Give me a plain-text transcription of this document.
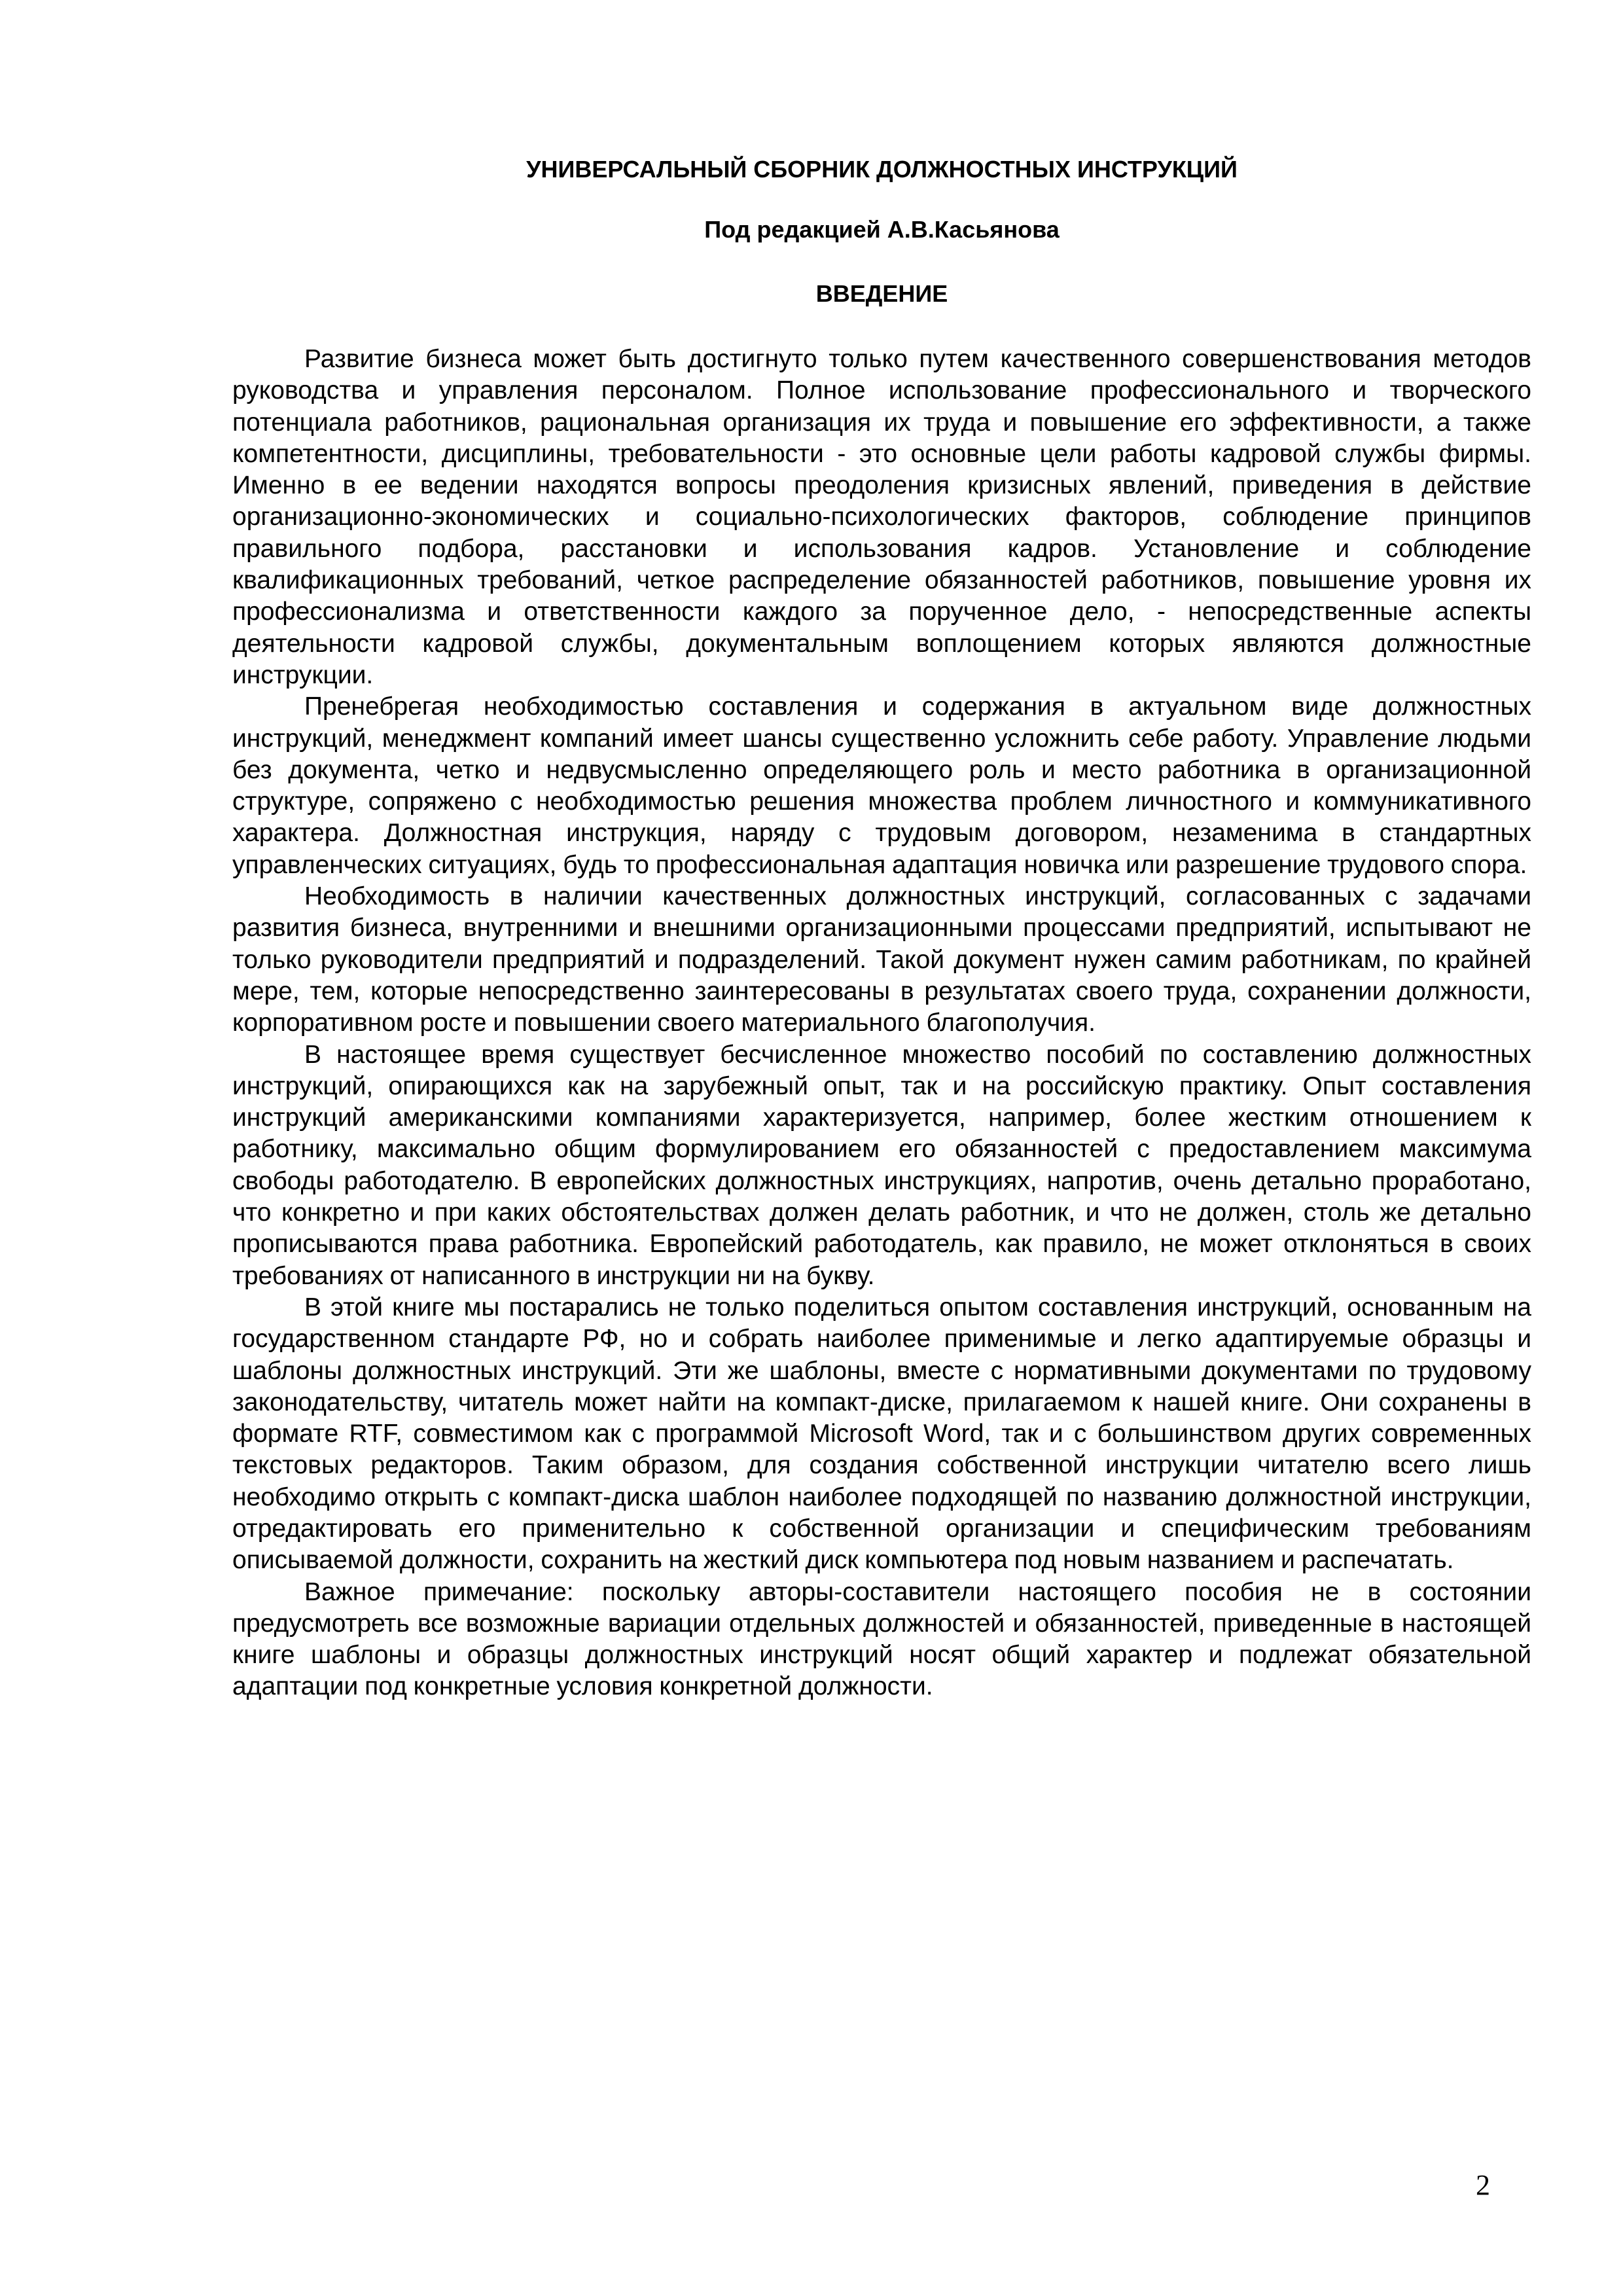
УНИВЕРСАЛЬНЫЙ СБОРНИК ДОЛЖНОСТНЫХ ИНСТРУКЦИЙ
Под редакцией А.В.Касьянова
ВВЕДЕНИЕ

Развитие бизнеса может быть достигнуто только путем качественного совершенствования методов руководства и управления персоналом. Полное использование профессионального и творческого потенциала работников, рациональная организация их труда и повышение его эффективности, а также компетентности, дисциплины, требовательности - это основные цели работы кадровой службы фирмы. Именно в ее ведении находятся вопросы преодоления кризисных явлений, приведения в действие организационно-экономических и социально-психологических факторов, соблюдение принципов правильного подбора, расстановки и использования кадров. Установление и соблюдение квалификационных требований, четкое распределение обязанностей работников, повышение уровня их профессионализма и ответственности каждого за порученное дело, - непосредственные аспекты деятельности кадровой службы, документальным воплощением которых являются должностные инструкции.

Пренебрегая необходимостью составления и содержания в актуальном виде должностных инструкций, менеджмент компаний имеет шансы существенно усложнить себе работу. Управление людьми без документа, четко и недвусмысленно определяющего роль и место работника в организационной структуре, сопряжено с необходимостью решения множества проблем личностного и коммуникативного характера. Должностная инструкция, наряду с трудовым договором, незаменима в стандартных управленческих ситуациях, будь то профессиональная адаптация новичка или разрешение трудового спора.

Необходимость в наличии качественных должностных инструкций, согласованных с задачами развития бизнеса, внутренними и внешними организационными процессами предприятий, испытывают не только руководители предприятий и подразделений. Такой документ нужен самим работникам, по крайней мере, тем, которые непосредственно заинтересованы в результатах своего труда, сохранении должности, корпоративном росте и повышении своего материального благополучия.

В настоящее время существует бесчисленное множество пособий по составлению должностных инструкций, опирающихся как на зарубежный опыт, так и на российскую практику. Опыт составления инструкций американскими компаниями характеризуется, например, более жестким отношением к работнику, максимально общим формулированием его обязанностей с предоставлением максимума свободы работодателю. В европейских должностных инструкциях, напротив, очень детально проработано, что конкретно и при каких обстоятельствах должен делать работник, и что не должен, столь же детально прописываются права работника. Европейский работодатель, как правило, не может отклоняться в своих требованиях от написанного в инструкции ни на букву.

В этой книге мы постарались не только поделиться опытом составления инструкций, основанным на государственном стандарте РФ, но и собрать наиболее применимые и легко адаптируемые образцы и шаблоны должностных инструкций. Эти же шаблоны, вместе с нормативными документами по трудовому законодательству, читатель может найти на компакт-диске, прилагаемом к нашей книге. Они сохранены в формате RTF, совместимом как с программой Microsoft Word, так и с большинством других современных текстовых редакторов. Таким образом, для создания собственной инструкции читателю всего лишь необходимо открыть с компакт-диска шаблон наиболее подходящей по названию должностной инструкции, отредактировать его применительно к собственной организации и специфическим требованиям описываемой должности, сохранить на жесткий диск компьютера под новым названием и распечатать.

Важное примечание: поскольку авторы-составители настоящего пособия не в состоянии предусмотреть все возможные вариации отдельных должностей и обязанностей, приведенные в настоящей книге шаблоны и образцы должностных инструкций носят общий характер и подлежат обязательной адаптации под конкретные условия конкретной должности.

2
